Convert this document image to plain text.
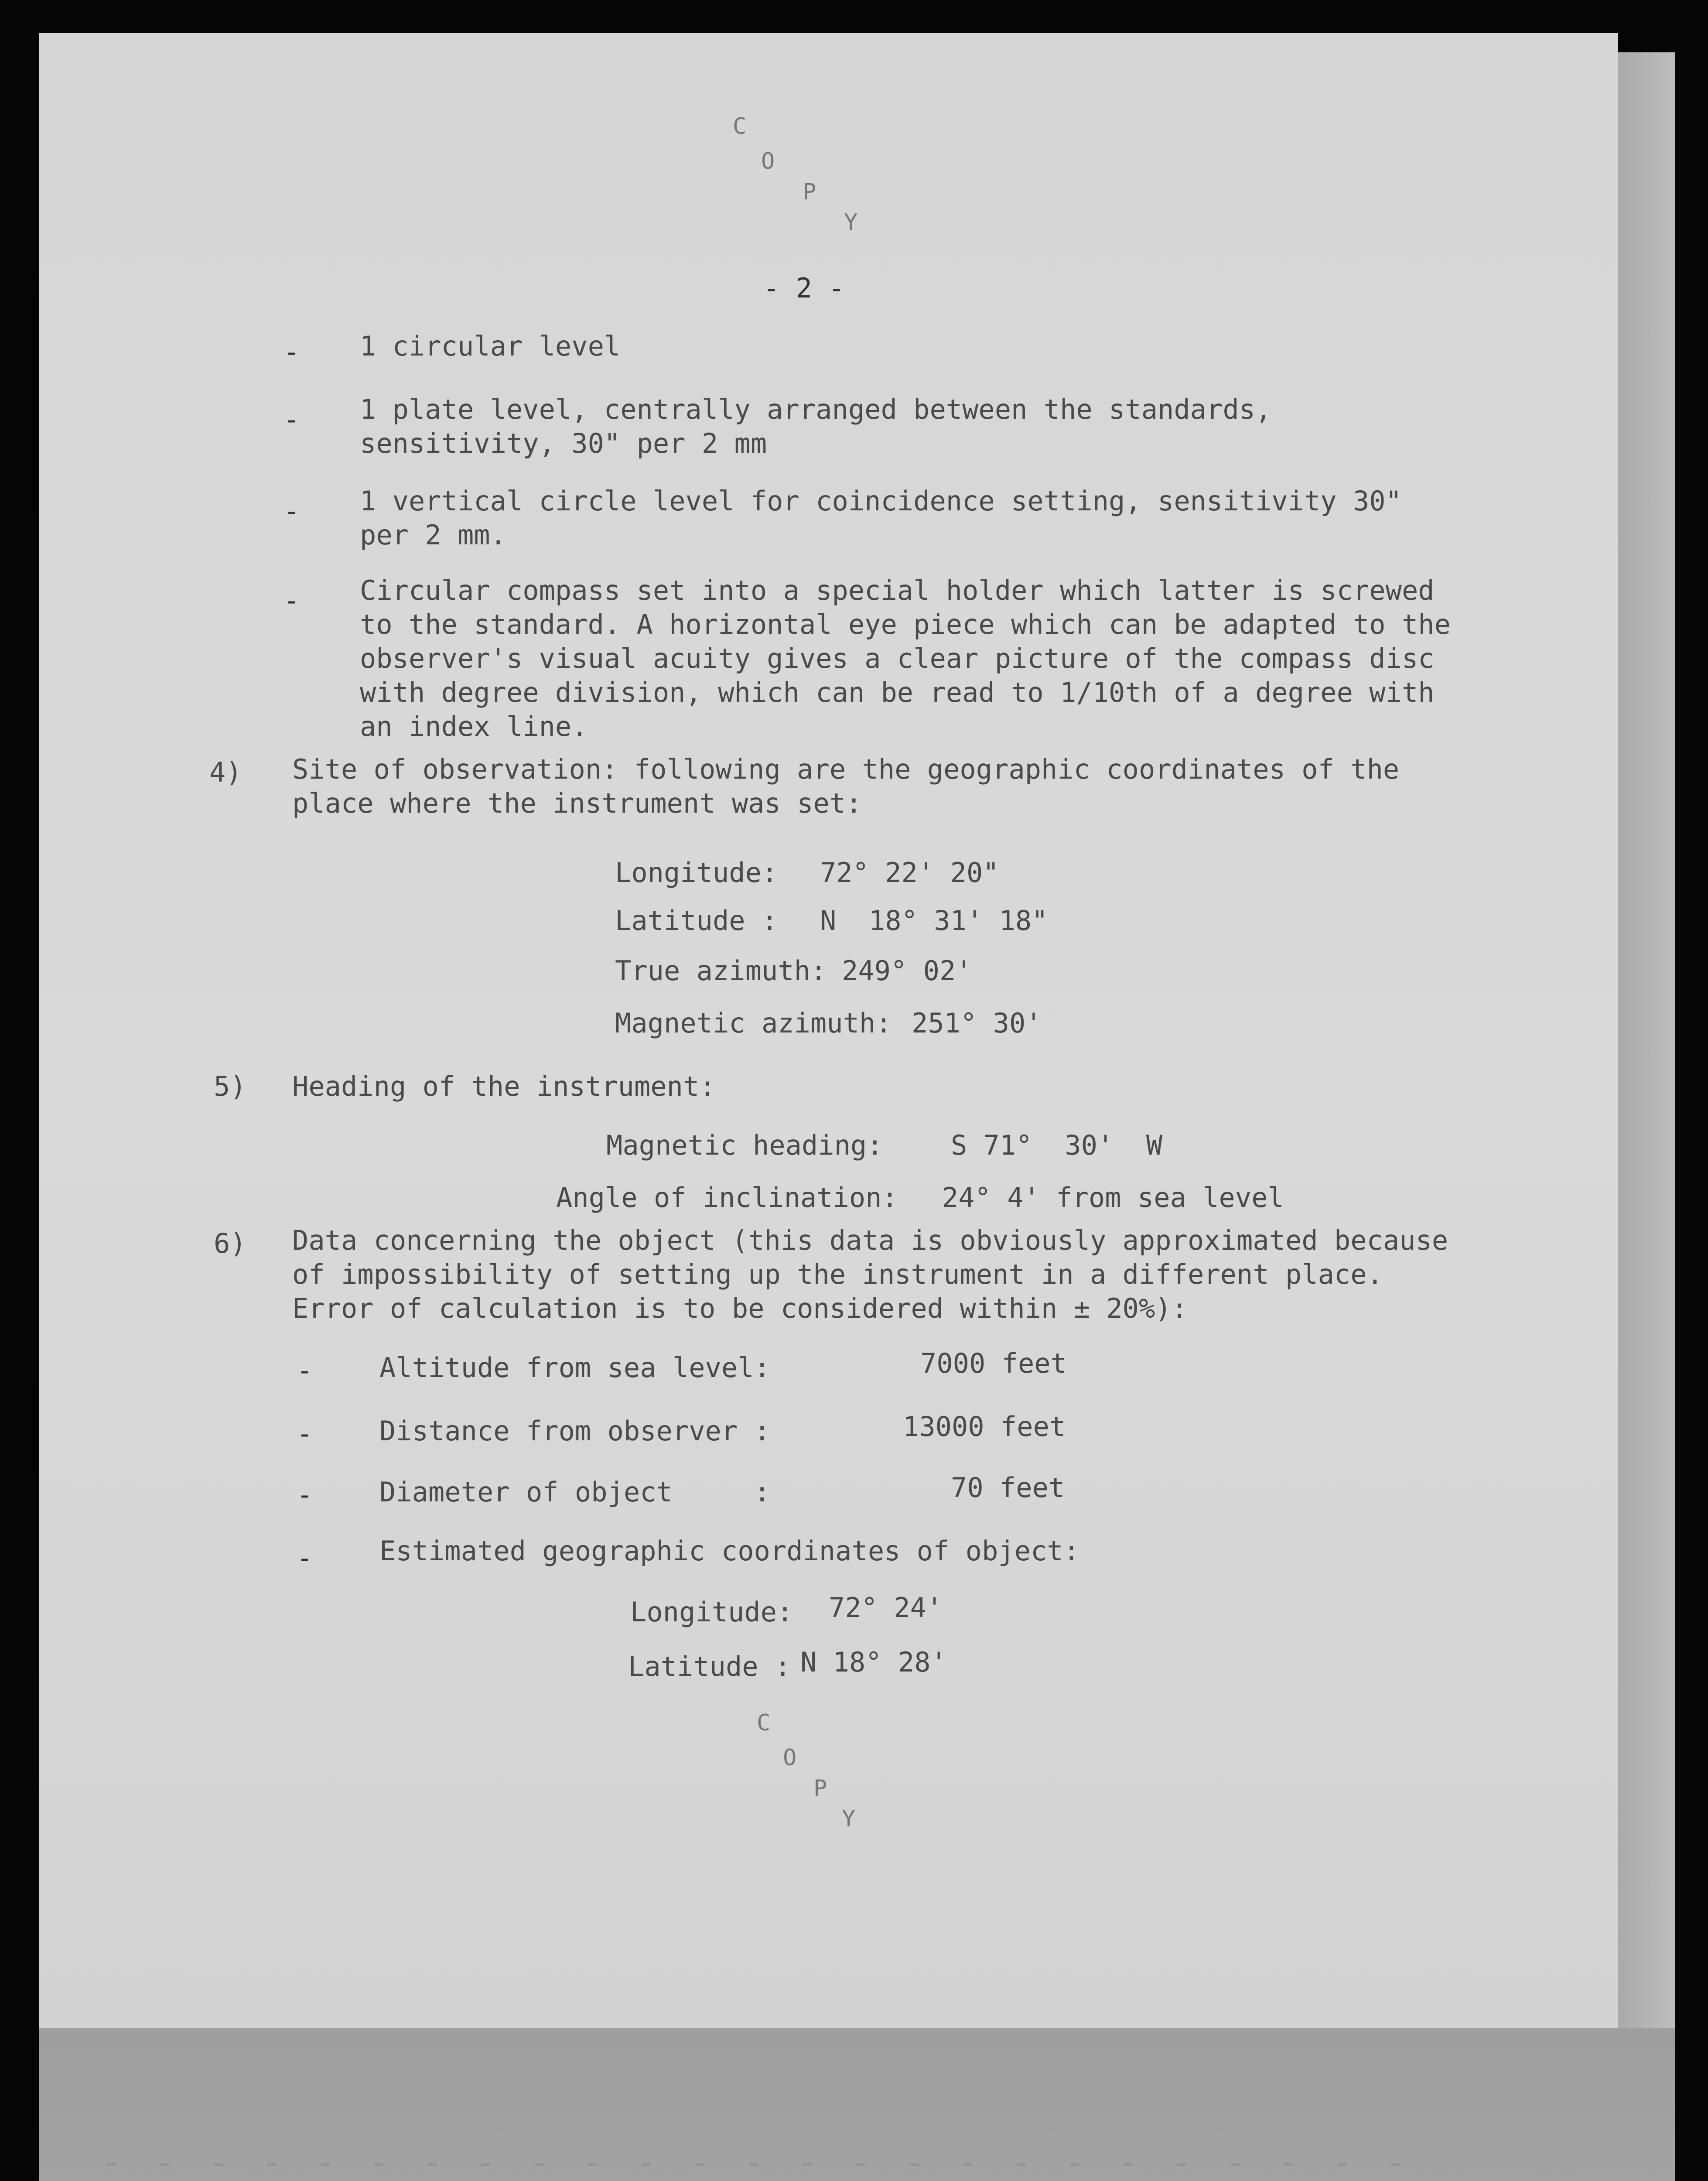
- - - - - - - - - - - - - - - - - - - - - - - - -
C
O
P
Y
- 2 -
- 1 circular level
- 1 plate level, centrally arranged between the standards, sensitivity, 30" per 2 mm
- 1 vertical circle level for coincidence setting, sensitivity 30" per 2 mm.
- Circular compass set into a special holder which latter is screwed to the standard. A horizontal eye piece which can be adapted to the observer's visual acuity gives a clear picture of the compass disc with degree division, which can be read to 1/10th of a degree with an index line.
4) Site of observation: following are the geographic coordinates of the place where the instrument was set:
Longitude: 72° 22' 20"
Latitude : N  18° 31' 18"
True azimuth: 249° 02'
Magnetic azimuth: 251° 30'
5) Heading of the instrument:
Magnetic heading:	S 71°  30'  W
Angle of inclination: 24° 4' from sea level
6) Data concerning the object (this data is obviously approximated because of impossibility of setting up the instrument in a different place. Error of calculation is to be considered within ± 20%):
- Altitude from sea level:	7000 feet
- Distance from observer :	13000 feet
- Diameter of object     :	70 feet
- Estimated geographic coordinates of object:
Longitude: 72° 24'
Latitude : N 18° 28'
C
O
P
Y
